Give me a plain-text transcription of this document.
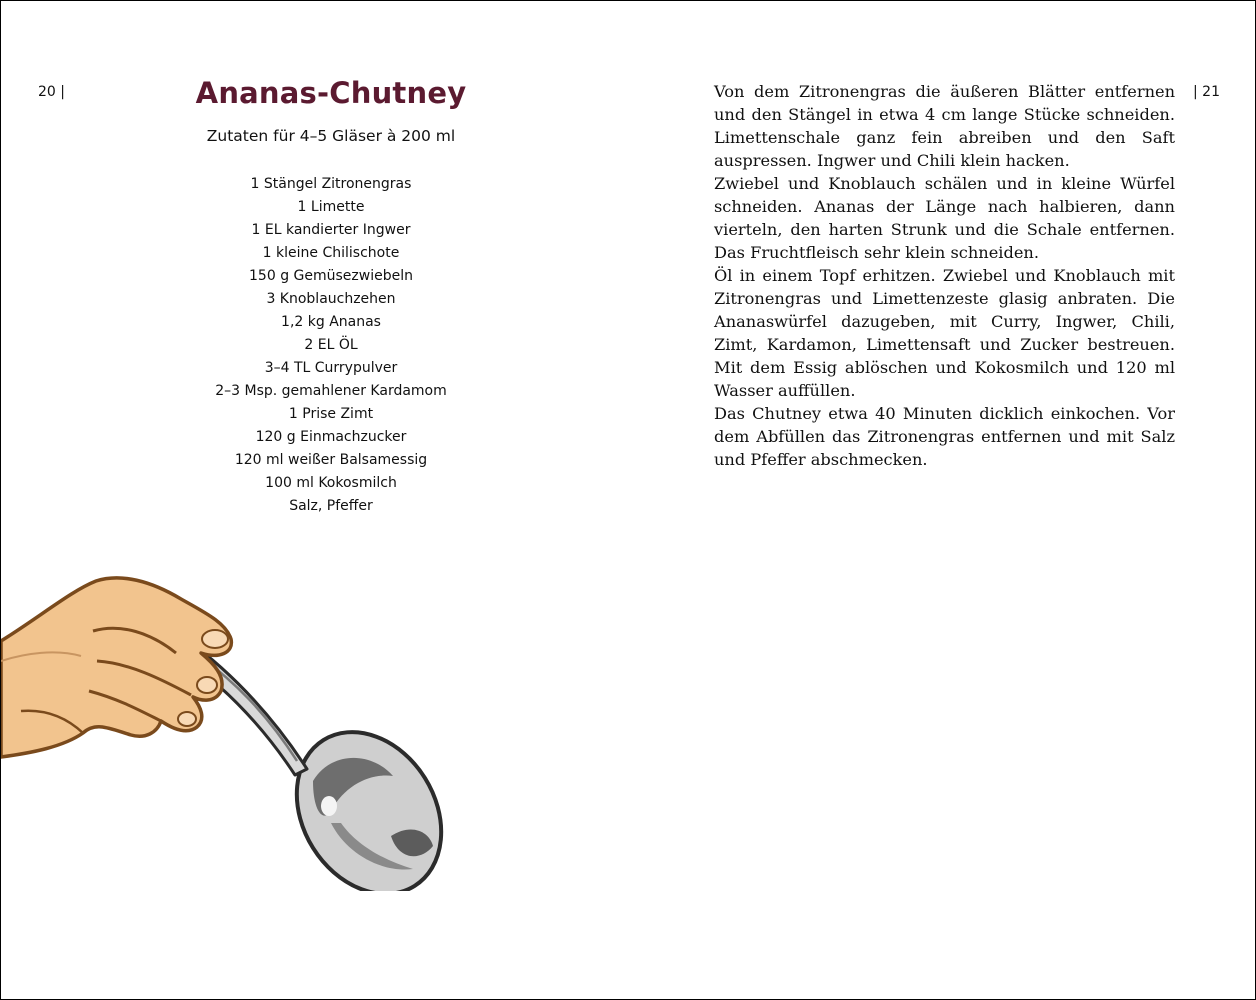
20 |	Ananas-Chutney
Zutaten für 4–5 Gläser à 200 ml
1 Stängel Zitronengras
1 Limette
1 EL kandierter Ingwer
1 kleine Chilischote
150 g Gemüsezwiebeln
3 Knoblauchzehen
1,2 kg Ananas
2 EL ÖL
3–4 TL Currypulver
2–3 Msp. gemahlener Kardamom
1 Prise Zimt
120 g Einmachzucker
120 ml weißer Balsamessig
100 ml Kokosmilch
Salz, Pfeffer
| 21

Von dem Zitronengras die äußeren Blätter entfernen und den Stängel in etwa 4 cm lange Stücke schneiden. Limettenschale ganz fein abreiben und den Saft auspressen. Ingwer und Chili klein hacken.

Zwiebel und Knoblauch schälen und in kleine Würfel schneiden. Ananas der Länge nach halbieren, dann vierteln, den harten Strunk und die Schale entfernen. Das Fruchtfleisch sehr klein schneiden.

Öl in einem Topf erhitzen. Zwiebel und Knoblauch mit Zitronengras und Limettenzeste glasig anbraten. Die Ananaswürfel dazugeben, mit Curry, Ingwer, Chili, Zimt, Kardamon, Limettensaft und Zucker bestreuen. Mit dem Essig ablöschen und Kokosmilch und 120 ml Wasser auffüllen.

Das Chutney etwa 40 Minuten dicklich einkochen. Vor dem Abfüllen das Zitronengras entfernen und mit Salz und Pfeffer abschmecken.
